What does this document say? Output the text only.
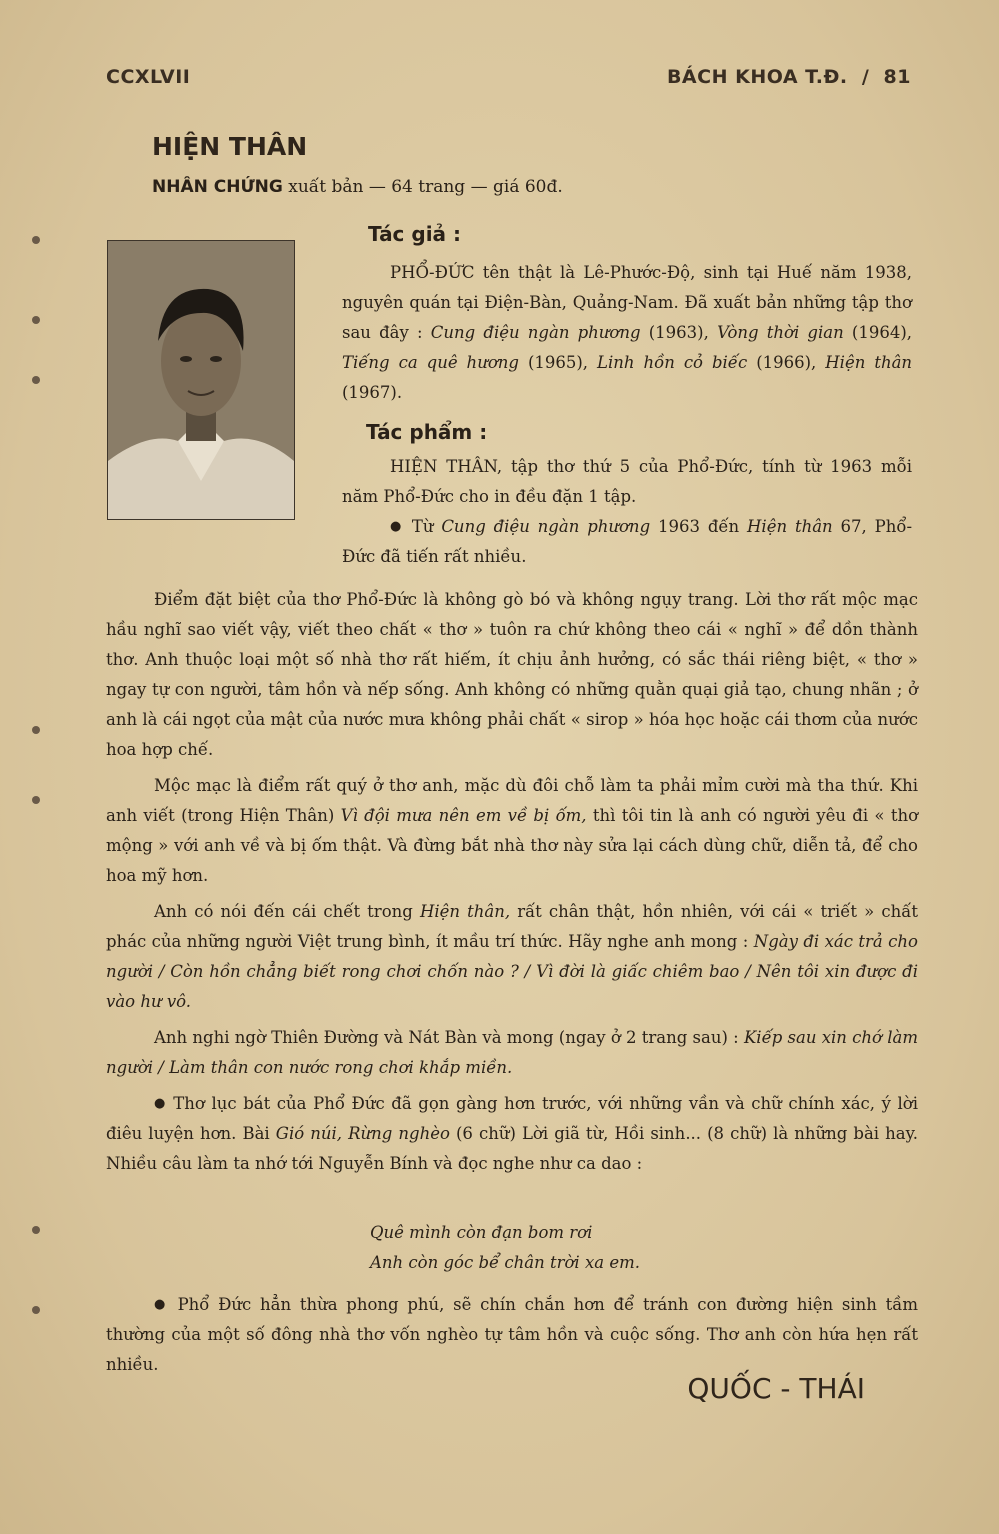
CCXLVII	BÁCH KHOA T.Đ.  /  81
HIỆN THÂN
NHÂN CHỨNG xuất bản — 64 trang — giá 60đ.
Tác giả :

PHỔ-ĐỨC tên thật là Lê-Phước-Độ, sinh tại Huế năm 1938, nguyên quán tại Điện-Bàn, Quảng-Nam. Đã xuất bản những tập thơ sau đây : Cung điệu ngàn phương (1963), Vòng thời gian (1964), Tiếng ca quê hương (1965), Linh hồn cỏ biếc (1966), Hiện thân (1967).

Tác phẩm :

HIỆN THÂN, tập thơ thứ 5 của Phổ-Đức, tính từ 1963 mỗi năm Phổ-Đức cho in đều đặn 1 tập.

● Từ Cung điệu ngàn phương 1963 đến Hiện thân 67, Phổ-Đức đã tiến rất nhiều.

Điểm đặt biệt của thơ Phổ-Đức là không gò bó và không ngụy trang. Lời thơ rất mộc mạc hầu nghĩ sao viết vậy, viết theo chất « thơ » tuôn ra chứ không theo cái « nghĩ » để dồn thành thơ. Anh thuộc loại một số nhà thơ rất hiếm, ít chịu ảnh hưởng, có sắc thái riêng biệt, « thơ » ngay tự con người, tâm hồn và nếp sống. Anh không có những quằn quại giả tạo, chung nhãn ; ở anh là cái ngọt của mật của nước mưa không phải chất « sirop » hóa học hoặc cái thơm của nước hoa hợp chế.

Mộc mạc là điểm rất quý ở thơ anh, mặc dù đôi chỗ làm ta phải mỉm cười mà tha thứ. Khi anh viết (trong Hiện Thân) Vì đội mưa nên em về bị ốm, thì tôi tin là anh có người yêu đi « thơ mộng » với anh về và bị ốm thật. Và đừng bắt nhà thơ này sửa lại cách dùng chữ, diễn tả, để cho hoa mỹ hơn.

Anh có nói đến cái chết trong Hiện thân, rất chân thật, hồn nhiên, với cái « triết » chất phác của những người Việt trung bình, ít mầu trí thức. Hãy nghe anh mong : Ngày đi xác trả cho người / Còn hồn chẳng biết rong chơi chốn nào ? / Vì đời là giấc chiêm bao / Nên tôi xin được đi vào hư vô.

Anh nghi ngờ Thiên Đường và Nát Bàn và mong (ngay ở 2 trang sau) : Kiếp sau xin chớ làm người / Làm thân con nước rong chơi khắp miền.

● Thơ lục bát của Phổ Đức đã gọn gàng hơn trước, với những vần và chữ chính xác, ý lời điêu luyện hơn. Bài Gió núi, Rừng nghèo (6 chữ) Lời giã từ, Hồi sinh... (8 chữ) là những bài hay. Nhiều câu làm ta nhớ tới Nguyễn Bính và đọc nghe như ca dao :

Quê mình còn đạn bom rơi
Anh còn góc bể chân trời xa em.

● Phổ Đức hẳn thừa phong phú, sẽ chín chắn hơn để tránh con đường hiện sinh tầm thường của một số đông nhà thơ vốn nghèo tự tâm hồn và cuộc sống. Thơ anh còn hứa hẹn rất nhiều.

QUỐC - THÁI
